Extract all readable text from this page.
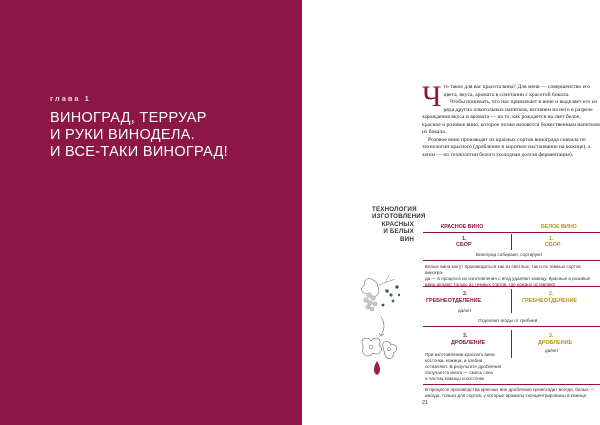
глава 1
ВИНОГРАД, ТЕРРУАР
И РУКИ ВИНОДЕЛА.
И ВСЕ-ТАКИ ВИНОГРАД!
Ч то такое для вас красота вина? Для меня — совершенство его цвета, вкуса, аромата в сочетании с красотой бокала.

Чтобы понимать, что нас привлекает в вине и выделяет его из ряда других алкогольных напитков, взглянем на него в разрезе зарождения вкуса и аромата — на то, как рождается на свет белое, красное и розовое вино, которое позже назовется божественным напитком из бокала.

Розовое вино производят из красных сортов винограда сначала по технологии красного (дробление и короткое настаивание на кожице), а затем — по технологии белого (холодная долгая ферментация).

ТЕХНОЛОГИЯ
ИЗГОТОВЛЕНИЯ
КРАСНЫХ
И БЕЛЫХ ВИН
КРАСНОЕ ВИНО	БЕЛОЕ ВИНО
1.
СБОР
1.
СБОР
Виноград собирают, сортируют
Белые вина могут производиться как из светлых, так и из темных сортов виногра-
да — в процессе их изготовления с ягод удаляют кожицу. Красные и розовые
вина делают только из темных сортов, где кожицу оставляют
2.
ГРЕБНЕОТДЕЛЕНИЕ
да/нет
2.
ГРЕБНЕОТДЕЛЕНИЕ
Отделяют ягоды от гребней
3.
ДРОБЛЕНИЕ
3.
ДРОБЛЕНИЕ
да/нет
При изготовлении красного вина
косточки, кожица, и гребни
оставляют. В результате дробления
получается мезга — смесь сока
и частиц кожицы и косточек
В процессе производства красных вин дробление происходит всегда, белых —
иногда, только для сортов, у которых ароматы сконцентрированы в кожице
21
